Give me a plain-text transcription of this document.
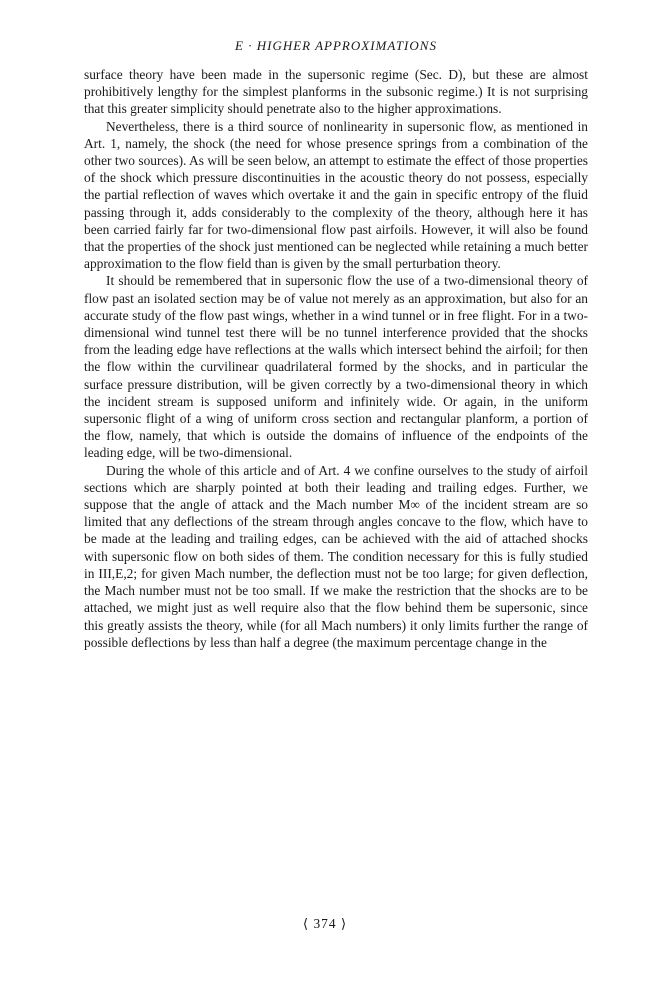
E · HIGHER APPROXIMATIONS

surface theory have been made in the supersonic regime (Sec. D), but these are almost prohibitively lengthy for the simplest planforms in the subsonic regime.) It is not surprising that this greater simplicity should penetrate also to the higher approximations.

Nevertheless, there is a third source of nonlinearity in supersonic flow, as mentioned in Art. 1, namely, the shock (the need for whose presence springs from a combination of the other two sources). As will be seen below, an attempt to estimate the effect of those properties of the shock which pressure discontinuities in the acoustic theory do not possess, especially the partial reflection of waves which overtake it and the gain in specific entropy of the fluid passing through it, adds considerably to the complexity of the theory, although here it has been carried fairly far for two-dimensional flow past airfoils. However, it will also be found that the properties of the shock just mentioned can be neglected while retaining a much better approximation to the flow field than is given by the small perturbation theory.

It should be remembered that in supersonic flow the use of a two-dimensional theory of flow past an isolated section may be of value not merely as an approximation, but also for an accurate study of the flow past wings, whether in a wind tunnel or in free flight. For in a two-dimensional wind tunnel test there will be no tunnel interference provided that the shocks from the leading edge have reflections at the walls which intersect behind the airfoil; for then the flow within the curvilinear quadrilateral formed by the shocks, and in particular the surface pressure distribution, will be given correctly by a two-dimensional theory in which the incident stream is supposed uniform and infinitely wide. Or again, in the uniform supersonic flight of a wing of uniform cross section and rectangular planform, a portion of the flow, namely, that which is outside the domains of influence of the endpoints of the leading edge, will be two-dimensional.

During the whole of this article and of Art. 4 we confine ourselves to the study of airfoil sections which are sharply pointed at both their leading and trailing edges. Further, we suppose that the angle of attack and the Mach number M∞ of the incident stream are so limited that any deflections of the stream through angles concave to the flow, which have to be made at the leading and trailing edges, can be achieved with the aid of attached shocks with supersonic flow on both sides of them. The condition necessary for this is fully studied in III,E,2; for given Mach number, the deflection must not be too large; for given deflection, the Mach number must not be too small. If we make the restriction that the shocks are to be attached, we might just as well require also that the flow behind them be supersonic, since this greatly assists the theory, while (for all Mach numbers) it only limits further the range of possible deflections by less than half a degree (the maximum percentage change in the

⟨ 374 ⟩
